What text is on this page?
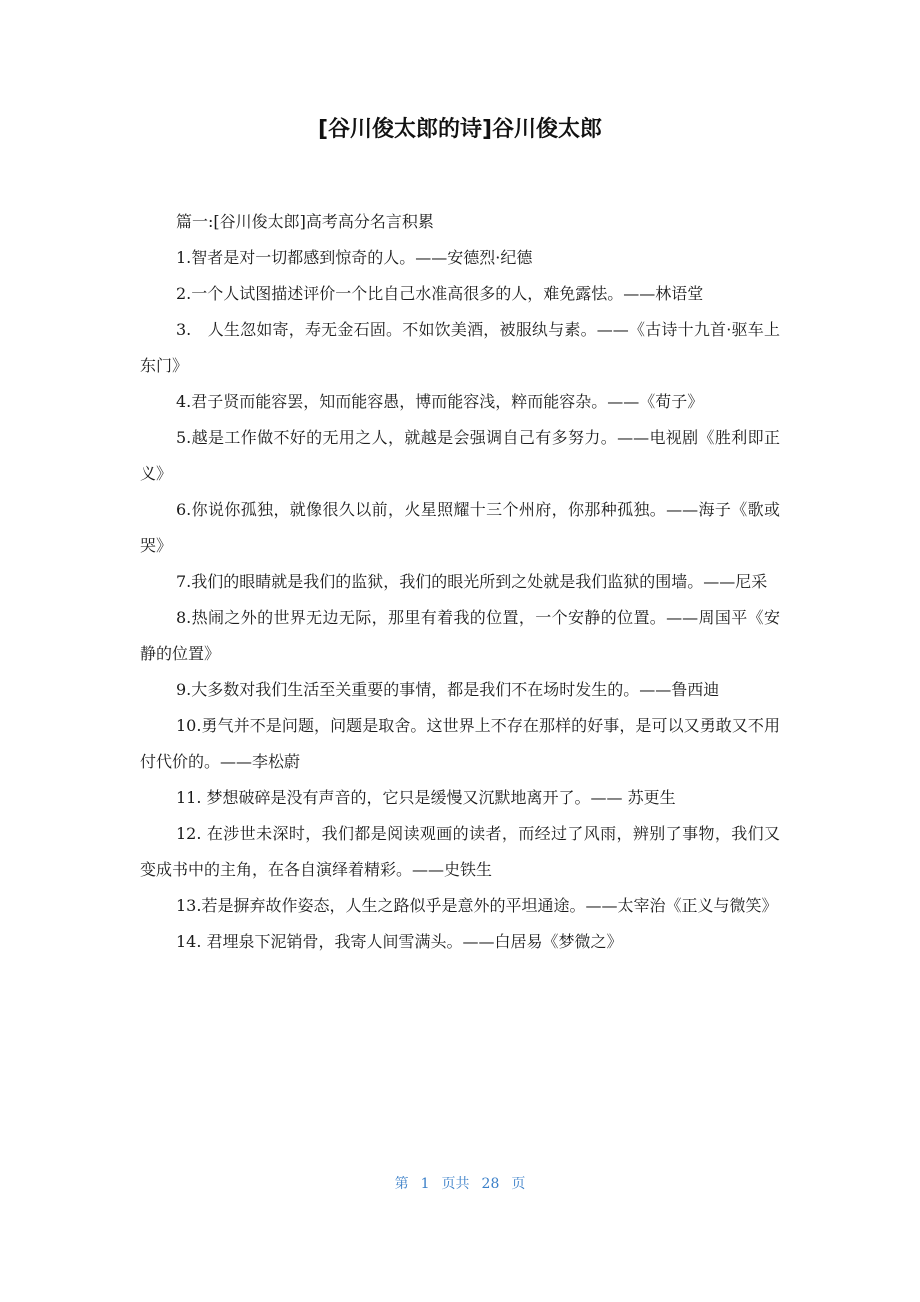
[谷川俊太郎的诗]谷川俊太郎

篇一:[谷川俊太郎]高考高分名言积累

1.智者是对一切都感到惊奇的人。——安德烈·纪德

2.一个人试图描述评价一个比自己水准高很多的人，难免露怯。——林语堂

3.　人生忽如寄，寿无金石固。不如饮美酒，被服纨与素。——《古诗十九首·驱车上东门》

4.君子贤而能容罢，知而能容愚，博而能容浅，粹而能容杂。——《荀子》

5.越是工作做不好的无用之人，就越是会强调自己有多努力。——电视剧《胜利即正义》

6.你说你孤独，就像很久以前，火星照耀十三个州府，你那种孤独。——海子《歌或哭》

7.我们的眼睛就是我们的监狱，我们的眼光所到之处就是我们监狱的围墙。——尼采

8.热闹之外的世界无边无际，那里有着我的位置，一个安静的位置。——周国平《安静的位置》

9.大多数对我们生活至关重要的事情，都是我们不在场时发生的。——鲁西迪

10.勇气并不是问题，问题是取舍。这世界上不存在那样的好事，是可以又勇敢又不用付代价的。——李松蔚

11. 梦想破碎是没有声音的，它只是缓慢又沉默地离开了。—— 苏更生

12. 在涉世未深时，我们都是阅读观画的读者，而经过了风雨，辨别了事物，我们又变成书中的主角，在各自演绎着精彩。——史铁生

13.若是摒弃故作姿态，人生之路似乎是意外的平坦通途。——太宰治《正义与微笑》

14. 君埋泉下泥销骨，我寄人间雪满头。——白居易《梦微之》

第 1 页共 28 页
